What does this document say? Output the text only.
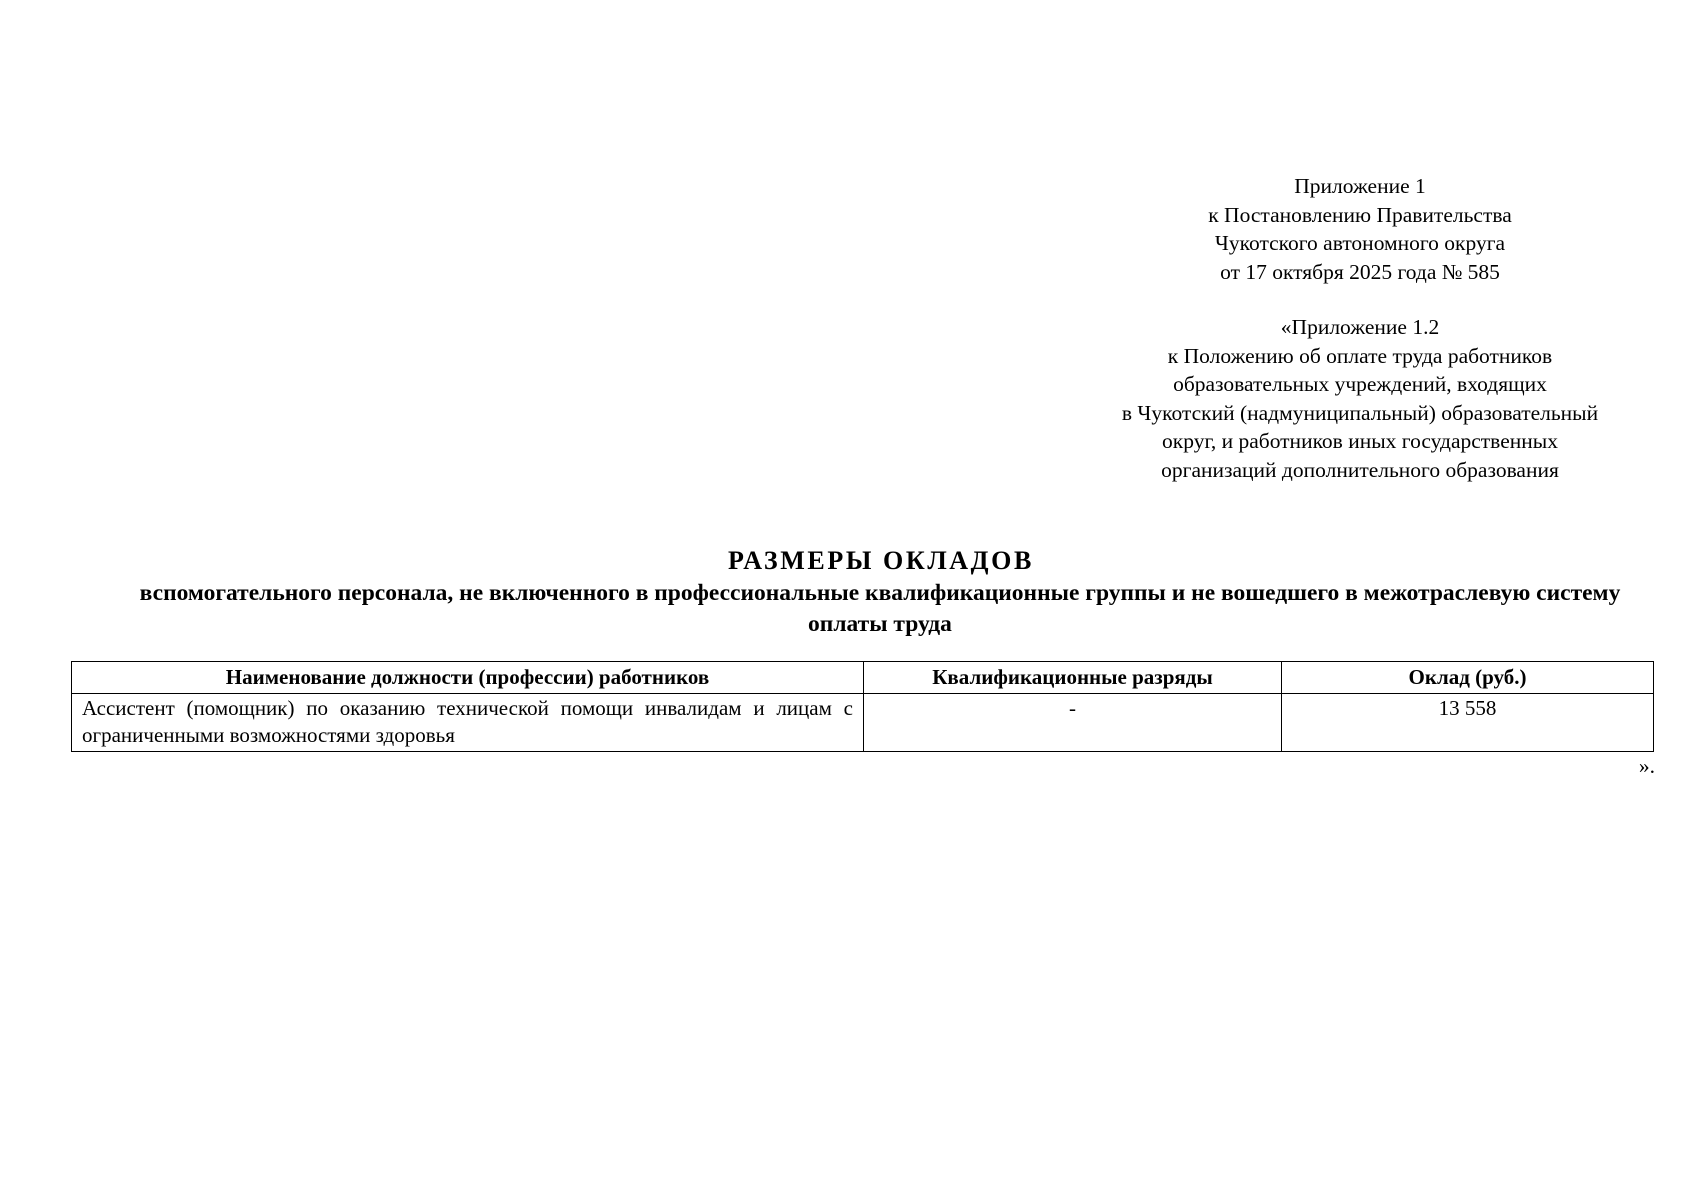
Приложение 1
к Постановлению Правительства
Чукотского автономного округа
от 17 октября 2025 года № 585
«Приложение 1.2
к Положению об оплате труда работников
образовательных учреждений, входящих
в Чукотский (надмуниципальный) образовательный
округ, и работников иных государственных
организаций дополнительного образования
РАЗМЕРЫ ОКЛАДОВ
вспомогательного персонала, не включенного в профессиональные квалификационные группы и не вошедшего в межотраслевую систему оплаты труда
Наименование должности (профессии) работников	Квалификационные разряды	Оклад (руб.)
Ассистент (помощник) по оказанию технической помощи инвалидам и лицам с ограниченными возможностями здоровья	-	13 558
».
